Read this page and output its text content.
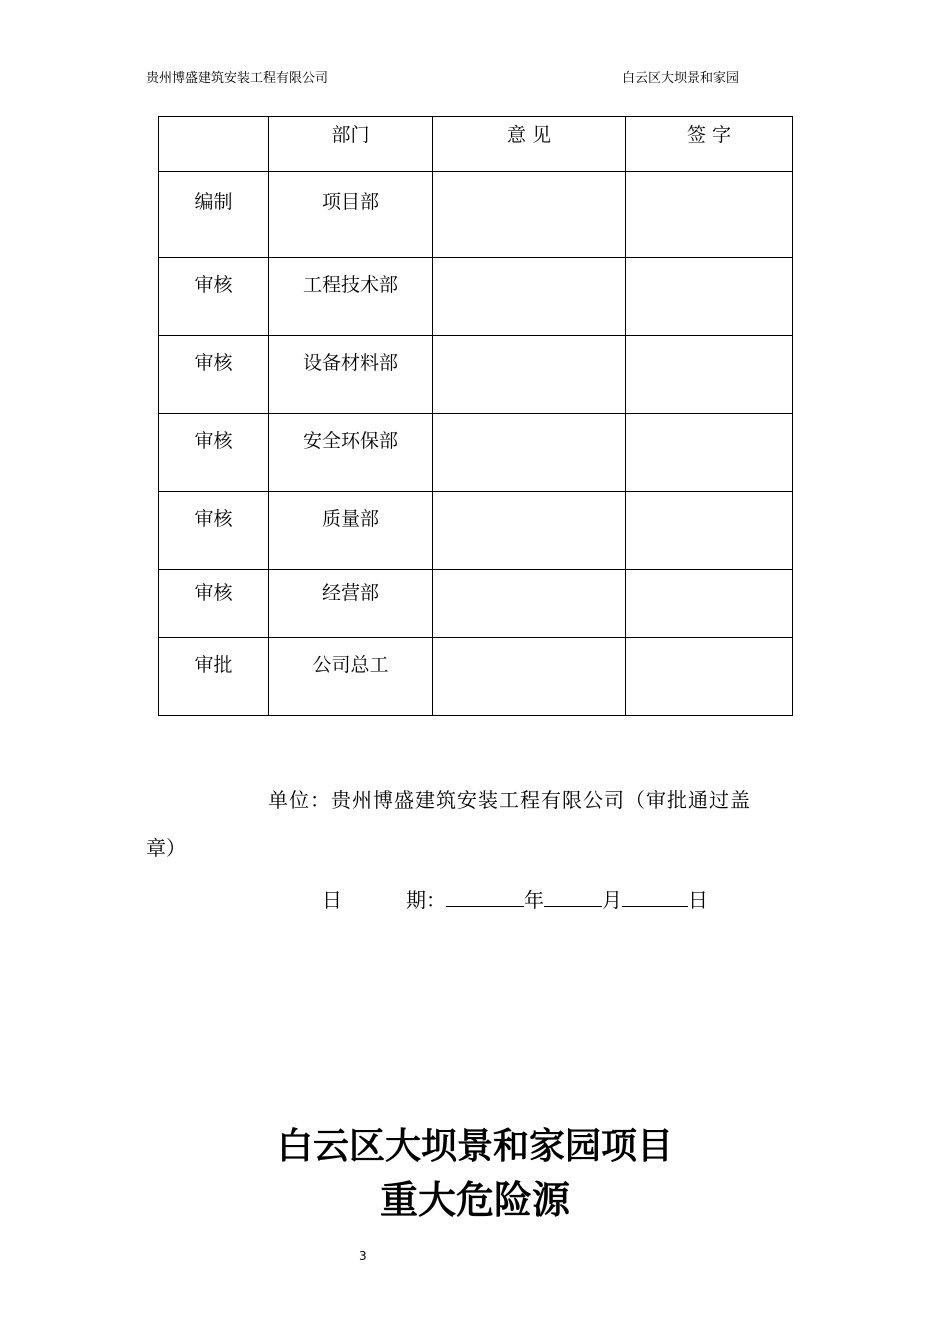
贵州博盛建筑安装工程有限公司	白云区大坝景和家园
	部门	意 见	签 字
编制	项目部		
审核	工程技术部		
审核	设备材料部		
审核	安全环保部		
审核	质量部		
审核	经营部		
审批	公司总工		
单位：贵州博盛建筑安装工程有限公司（审批通过盖
章）
日	期：	年	月	日
白云区大坝景和家园项目
重大危险源
3
